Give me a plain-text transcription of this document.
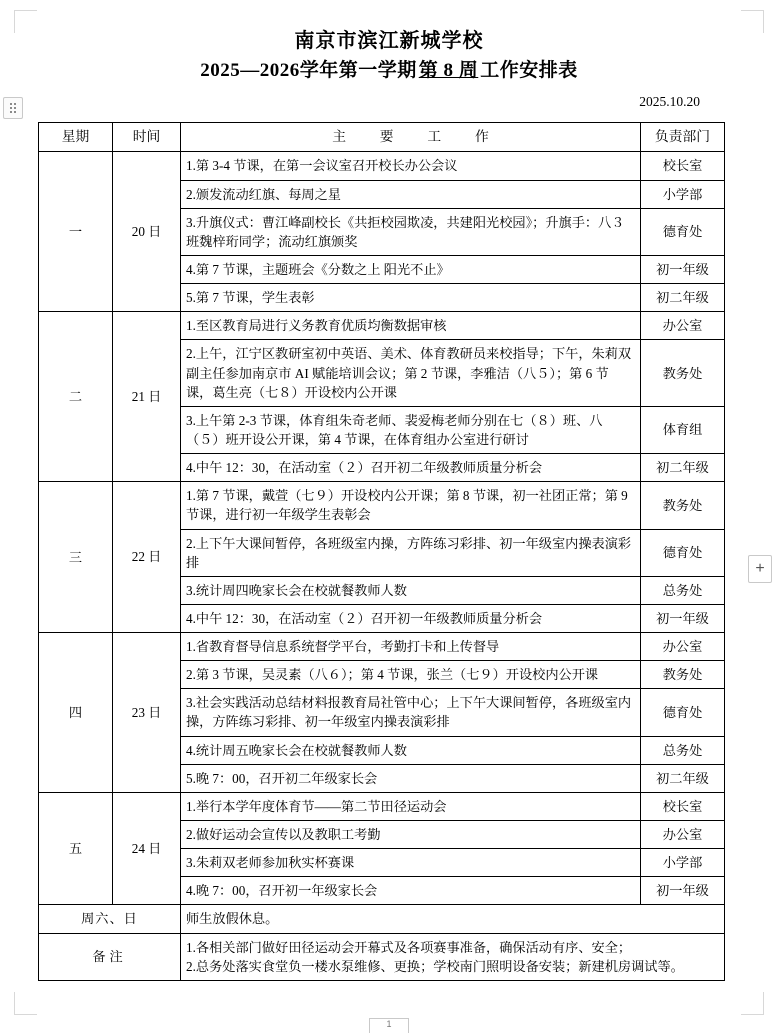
+
1
南京市滨江新城学校
2025—2026学年第一学期 第 8 周 工作安排表
2025.10.20
星期	时间	主　要　工　作	负责部门
一	20 日	1.第 3-4 节课，在第一会议室召开校长办公会议	校长室
		2.颁发流动红旗、每周之星	小学部
		3.升旗仪式：曹江峰副校长《共拒校园欺凌，共建阳光校园》；升旗手：八３班魏梓珩同学；流动红旗颁奖	德育处
		4.第 7 节课，主题班会《分数之上 阳光不止》	初一年级
		5.第 7 节课，学生表彰	初二年级
二	21 日	1.至区教育局进行义务教育优质均衡数据审核	办公室
		2.上午，江宁区教研室初中英语、美术、体育教研员来校指导；下午，朱莉双副主任参加南京市 AI 赋能培训会议；第 2 节课，李雅洁（八５）；第 6 节课，葛生亮（七８）开设校内公开课	教务处
		3.上午第 2-3 节课，体育组朱奇老师、裴爱梅老师分别在七（８）班、八（５）班开设公开课，第 4 节课，在体育组办公室进行研讨	体育组
		4.中午 12：30，在活动室（２）召开初二年级教师质量分析会	初二年级
三	22 日	1.第 7 节课，戴萱（七９）开设校内公开课；第 8 节课，初一社团正常；第 9 节课，进行初一年级学生表彰会	教务处
		2.上下午大课间暂停，各班级室内操，方阵练习彩排、初一年级室内操表演彩排	德育处
		3.统计周四晚家长会在校就餐教师人数	总务处
		4.中午 12：30，在活动室（２）召开初一年级教师质量分析会	初一年级
四	23 日	1.省教育督导信息系统督学平台，考勤打卡和上传督导	办公室
		2.第 3 节课，吴灵素（八６）；第 4 节课，张兰（七９）开设校内公开课	教务处
		3.社会实践活动总结材料报教育局社管中心；上下午大课间暂停，各班级室内操，方阵练习彩排、初一年级室内操表演彩排	德育处
		4.统计周五晚家长会在校就餐教师人数	总务处
		5.晚 7：00，召开初二年级家长会	初二年级
五	24 日	1.举行本学年度体育节——第二节田径运动会	校长室
		2.做好运动会宣传以及教职工考勤	办公室
		3.朱莉双老师参加秋实杯赛课	小学部
		4.晚 7：00，召开初一年级家长会	初一年级
周六、日		师生放假休息。	
备注		1.各相关部门做好田径运动会开幕式及各项赛事准备，确保活动有序、安全；
2.总务处落实食堂负一楼水泵维修、更换；学校南门照明设备安装；新建机房调试等。	
